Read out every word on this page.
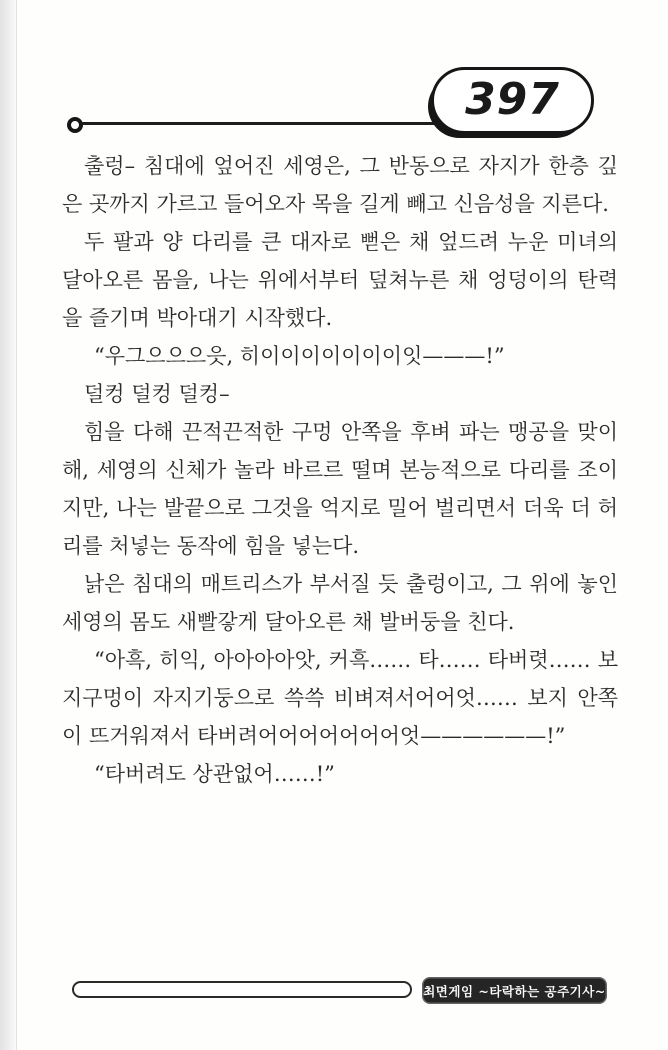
397

출렁– 침대에 엎어진 세영은, 그 반동으로 자지가 한층 깊은 곳까지 가르고 들어오자 목을 길게 빼고 신음성을 지른다.

두 팔과 양 다리를 큰 대자로 뻗은 채 엎드려 누운 미녀의 달아오른 몸을, 나는 위에서부터 덮쳐누른 채 엉덩이의 탄력을 즐기며 박아대기 시작했다.

“우그으으으읏, 히이이이이이이이잇———!”

덜컹 덜컹 덜컹–

힘을 다해 끈적끈적한 구멍 안쪽을 후벼 파는 맹공을 맞이해, 세영의 신체가 놀라 바르르 떨며 본능적으로 다리를 조이지만, 나는 발끝으로 그것을 억지로 밀어 벌리면서 더욱 더 허리를 처넣는 동작에 힘을 넣는다.

낡은 침대의 매트리스가 부서질 듯 출렁이고, 그 위에 놓인 세영의 몸도 새빨갛게 달아오른 채 발버둥을 친다.

“아흑, 히익, 아아아아앗, 커흑…… 타…… 타버렷…… 보지구멍이 자지기둥으로 쓱쓱 비벼져서어어엇…… 보지 안쪽이 뜨거워져서 타버려어어어어어어어엇——————!”

“타버려도 상관없어……!”

최면게임 ~타락하는 공주기사~
